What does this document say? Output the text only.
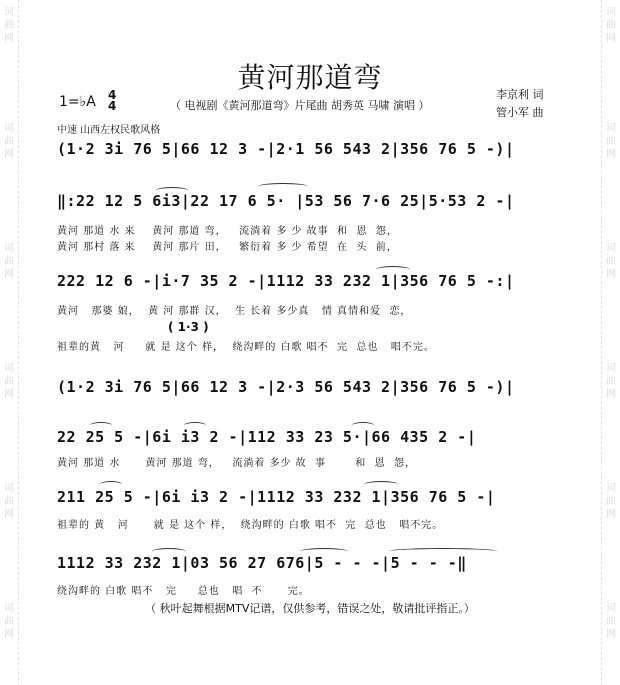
词曲网
词曲网
词曲网
词曲网
词曲网
词曲网
词曲网
词曲网
词曲网
词曲网
词曲网
词曲网
黄河那道弯
1=♭A 4
4	（ 电视剧《黄河那道弯》片尾曲 胡秀英 马啸 演唱 ）
李京利 词
管小军 曲
中速 山西左权民歌风格
(1·2 3i 76 5|66 12 3 -|2·1 56 543 2|356 76 5 -)|
‖:22 12 5 6i3|22 17 6 5· |53 56 7·6 25|5·53 2 -|
黄河 那道 水 来    黄河 那道 弯，   流淌着 多 少 故事  和  恩  怨，
黄河 那村 落 来    黄河 那片 田，   繁衍着 多 少 希望  在  头  前，
222 12 6 -|i·7 35 2 -|1112 33 232 1|356 76 5 -:|
黄河   那婆 娘，  黄 河 那群 汉，  生 长着 多少真   情 真情和爱  恋，
( 1·3 )
祖辈的黄   河     就 是 这个 样，  绕沟畔的 白歌 唱不  完  总也   唱不完。
(1·2 3i 76 5|66 12 3 -|2·3 56 543 2|356 76 5 -)|
22 25 5 -|6i i3 2 -|112 33 23 5·|66 435 2 -|
黄河 那道 水      黄河 那道 弯，   流淌着 多少 故  事       和  恩  怨，
211 25 5 -|6i i3 2 -|1112 33 232 1|356 76 5 -|
祖辈的 黄   河      就 是 这个 样，  绕沟畔的 白歌 唱不  完  总也   唱不完。
1112 33 232 1|03 56 27 676|5 - - -|5 - - -‖
绕沟畔的 白歌 唱不   完     总也   唱  不      完。
（ 秋叶起舞根据MTV记谱，仅供参考，错误之处，敬请批评指正。）
